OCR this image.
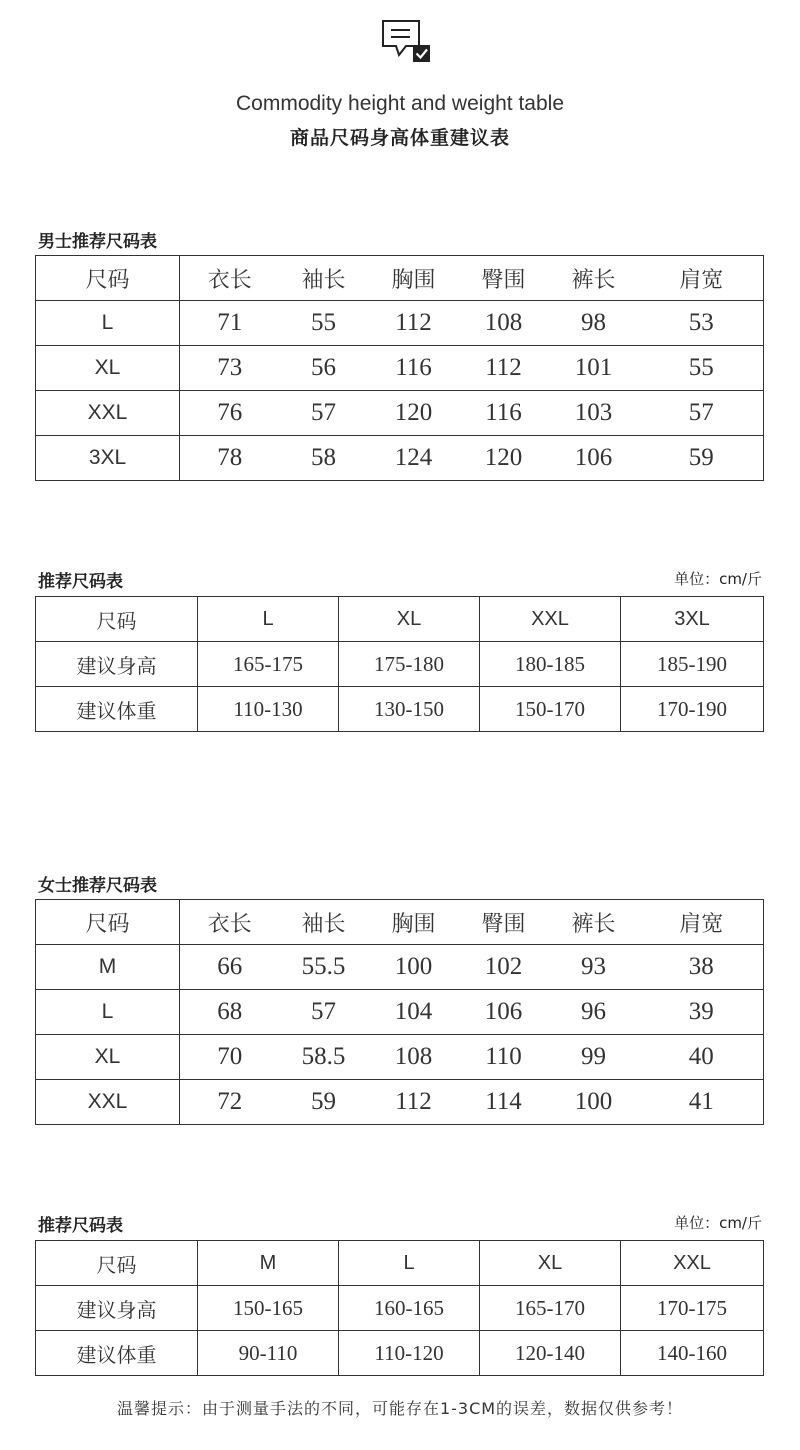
Commodity height and weight table
商品尺码身高体重建议表
男士推荐尺码表
尺码	衣长	袖长	胸围	臀围	裤长	肩宽
L	71	55	112	108	98	53
XL	73	56	116	112	101	55
XXL	76	57	120	116	103	57
3XL	78	58	124	120	106	59
推荐尺码表	单位：cm/斤
尺码	L	XL	XXL	3XL
建议身高	165-175	175-180	180-185	185-190
建议体重	110-130	130-150	150-170	170-190
女士推荐尺码表
尺码	衣长	袖长	胸围	臀围	裤长	肩宽
M	66	55.5	100	102	93	38
L	68	57	104	106	96	39
XL	70	58.5	108	110	99	40
XXL	72	59	112	114	100	41
推荐尺码表	单位：cm/斤
尺码	M	L	XL	XXL
建议身高	150-165	160-165	165-170	170-175
建议体重	90-110	110-120	120-140	140-160
温馨提示：由于测量手法的不同，可能存在1-3CM的误差，数据仅供参考！
